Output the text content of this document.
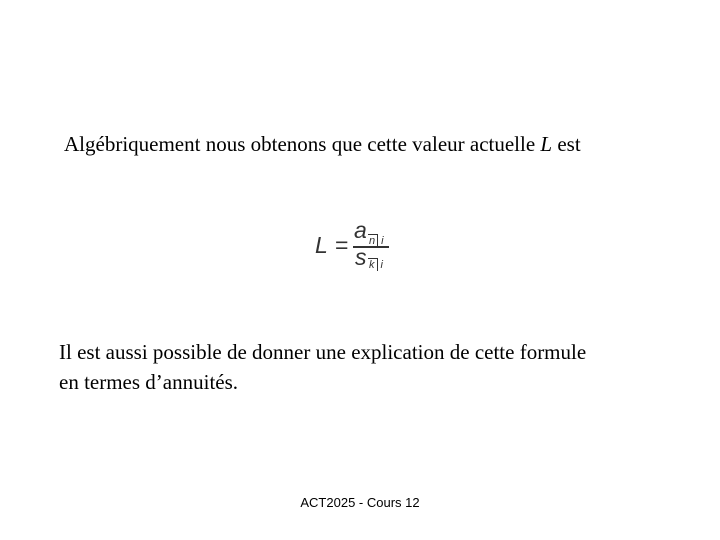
Algébriquement nous obtenons que cette valeur actuelle L est
L =
a n i
s k i
Il est aussi possible de donner une explication de cette formule
en termes d’annuités.
ACT2025 - Cours 12
